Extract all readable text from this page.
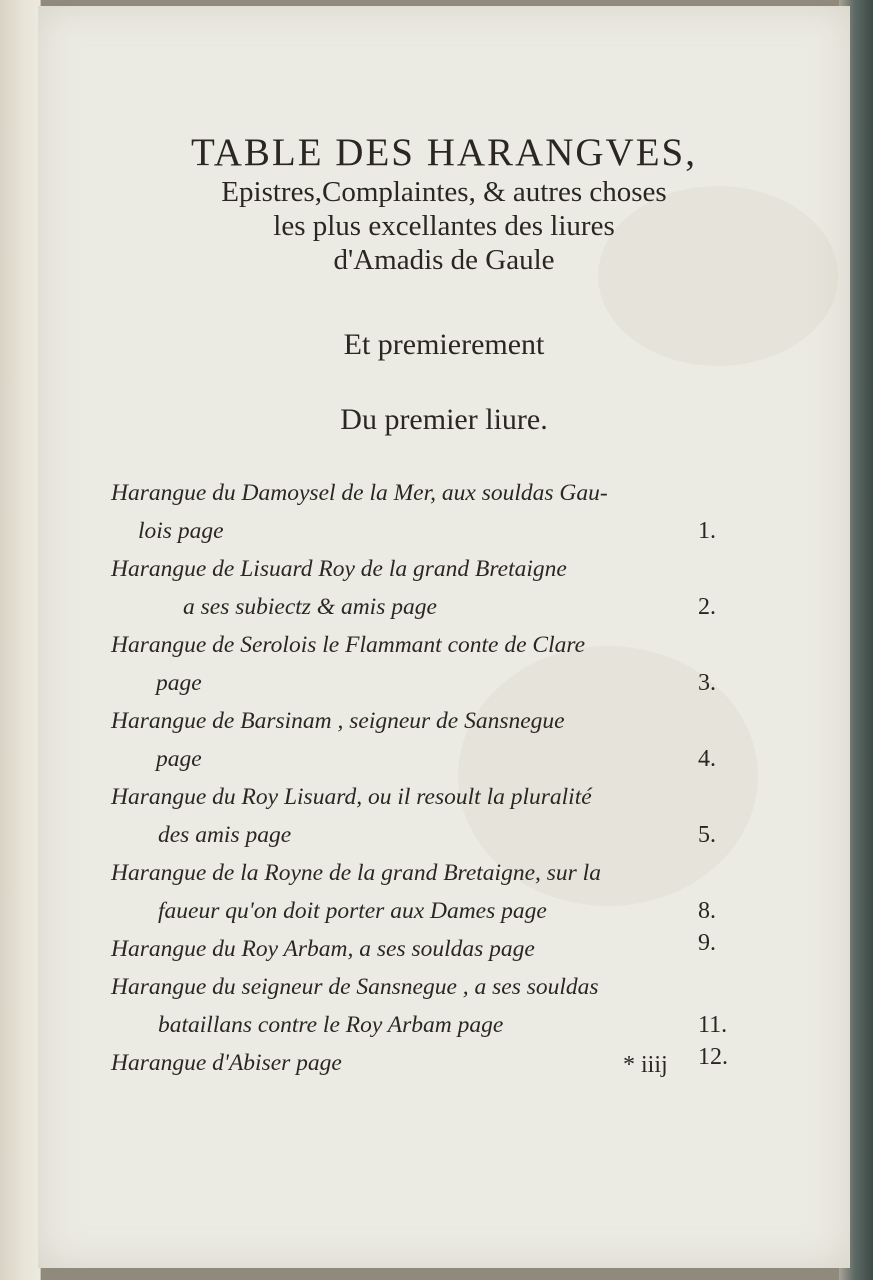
TABLE DES HARANGVES,
Epistres,Complaintes, & autres choses
les plus excellantes des liures
d'Amadis de Gaule
Et premierement
Du premier liure.
Harangue du Damoysel de la Mer, aux souldas Gau-
lois page	1.
Harangue de Lisuard Roy de la grand Bretaigne
a ses subiectz & amis page	2.
Harangue de Serolois le Flammant conte de Clare
page	3.
Harangue de Barsinam , seigneur de Sansnegue
page	4.
Harangue du Roy Lisuard, ou il resoult la pluralité
des amis page	5.
Harangue de la Royne de la grand Bretaigne, sur la
faueur qu'on doit porter aux Dames page	8.
Harangue du Roy Arbam, a ses souldas page	9.
Harangue du seigneur de Sansnegue , a ses souldas
bataillans contre le Roy Arbam page	11.
Harangue d'Abiser page	12.
* iiij
